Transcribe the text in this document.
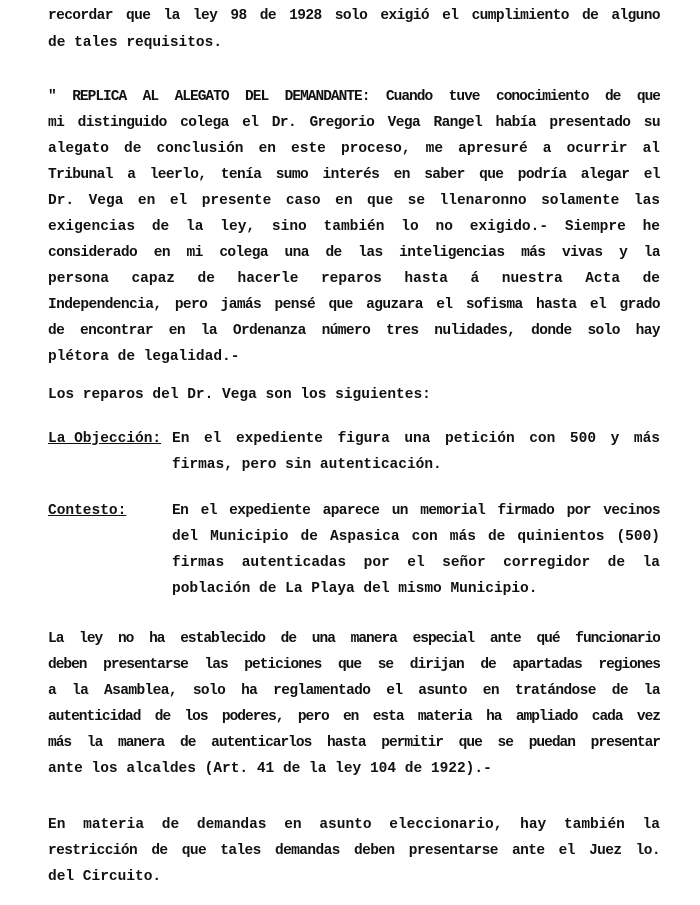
recordar que la ley 98 de 1928 solo exigió el cumplimiento de alguno
de tales requisitos.
" REPLICA AL ALEGATO DEL DEMANDANTE: Cuando tuve conocimiento de que
mi distinguido colega el Dr. Gregorio Vega Rangel había presentado su
alegato de conclusión en este proceso, me apresuré a ocurrir al
Tribunal a leerlo, tenía sumo interés en saber que podría alegar el
Dr. Vega en el presente caso en que se llenaronno solamente las
exigencias de la ley, sino también lo no exigido.- Siempre he
considerado en mi colega una de las inteligencias más vivas y la
persona capaz de hacerle reparos hasta á nuestra Acta de
Independencia, pero jamás pensé que aguzara el sofisma hasta el grado
de encontrar en la Ordenanza número tres nulidades, donde solo hay
plétora de legalidad.-
Los reparos del Dr. Vega son los siguientes:
La Objección: En el expediente figura una petición con 500 y más
firmas, pero sin autenticación.
Contesto:	En el expediente aparece un memorial firmado por vecinos
del Municipio de Aspasica con más de quinientos (500)
firmas autenticadas por el señor corregidor de la
población de La Playa del mismo Municipio.
La ley no ha establecido de una manera especial ante qué funcionario
deben presentarse las peticiones que se dirijan de apartadas regiones
a la Asamblea, solo ha reglamentado el asunto en tratándose de la
autenticidad de los poderes, pero en esta materia ha ampliado cada vez
más la manera de autenticarlos hasta permitir que se puedan presentar
ante los alcaldes (Art. 41 de la ley 104 de 1922).-
En materia de demandas en asunto eleccionario, hay también la
restricción de que tales demandas deben presentarse ante el Juez lo.
del Circuito.
